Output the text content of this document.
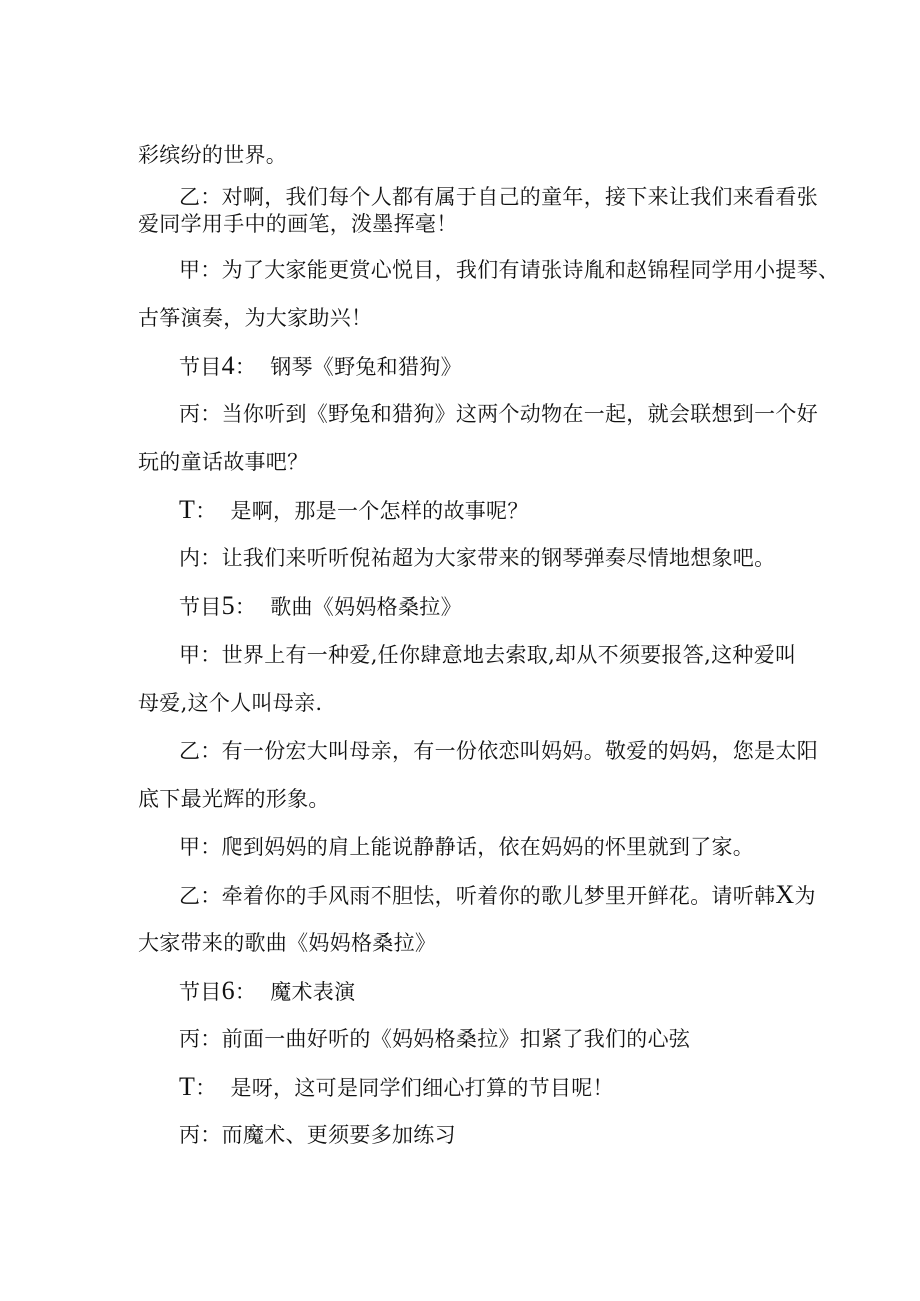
彩缤纷的世界。
乙：对啊，我们每个人都有属于自己的童年，接下来让我们来看看张
爱同学用手中的画笔，泼墨挥毫！
甲：为了大家能更赏心悦目，我们有请张诗胤和赵锦程同学用小提琴、
古筝演奏，为大家助兴！
节目4： 钢琴《野兔和猎狗》
丙：当你听到《野兔和猎狗》这两个动物在一起，就会联想到一个好
玩的童话故事吧？
T： 是啊，那是一个怎样的故事呢？
内：让我们来听听倪祐超为大家带来的钢琴弹奏尽情地想象吧。
节目5： 歌曲《妈妈格桑拉》
甲：世界上有一种爱,任你肆意地去索取,却从不须要报答,这种爱叫
母爱,这个人叫母亲.
乙：有一份宏大叫母亲，有一份依恋叫妈妈。敬爱的妈妈，您是太阳
底下最光辉的形象。
甲：爬到妈妈的肩上能说静静话，依在妈妈的怀里就到了家。
乙：牵着你的手风雨不胆怯，听着你的歌儿梦里开鲜花。请听韩X为
大家带来的歌曲《妈妈格桑拉》
节目6： 魔术表演
丙：前面一曲好听的《妈妈格桑拉》扣紧了我们的心弦
T： 是呀，这可是同学们细心打算的节目呢！
丙：而魔术、更须要多加练习
